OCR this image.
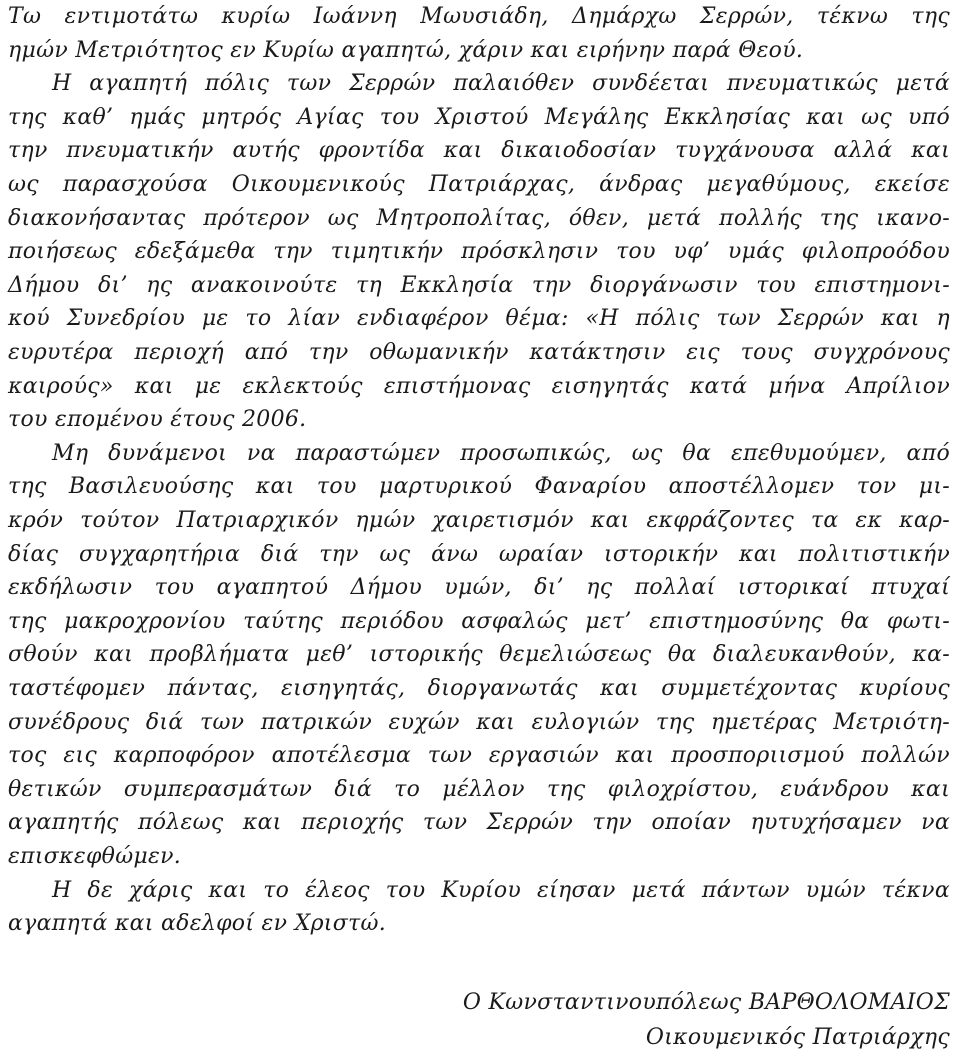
Τω εντιμοτάτω κυρίω Ιωάννη Μωυσιάδη, Δημάρχω Σερρών, τέκνω της
ημών Μετριότητος εν Κυρίω αγαπητώ, χάριν και ειρήνην παρά Θεού.
Η αγαπητή πόλις των Σερρών παλαιόθεν συνδέεται πνευματικώς μετά
της καθ’ ημάς μητρός Αγίας του Χριστού Μεγάλης Εκκλησίας και ως υπό
την πνευματικήν αυτής φροντίδα και δικαιοδοσίαν τυγχάνουσα αλλά και
ως παρασχούσα Οικουμενικούς Πατριάρχας, άνδρας μεγαθύμους, εκείσε
διακονήσαντας πρότερον ως Μητροπολίτας, όθεν, μετά πολλής της ικανο-
ποιήσεως εδεξάμεθα την τιμητικήν πρόσκλησιν του υφ’ υμάς φιλοπροόδου
Δήμου δι’ ης ανακοινούτε τη Εκκλησία την διοργάνωσιν του επιστημονι-
κού Συνεδρίου με το λίαν ενδιαφέρον θέμα: «Η πόλις των Σερρών και η
ευρυτέρα περιοχή από την οθωμανικήν κατάκτησιν εις τους συγχρόνους
καιρούς» και με εκλεκτούς επιστήμονας εισηγητάς κατά μήνα Απρίλιον
του επομένου έτους 2006.
Μη δυνάμενοι να παραστώμεν προσωπικώς, ως θα επεθυμούμεν, από
της Βασιλευούσης και του μαρτυρικού Φαναρίου αποστέλλομεν τον μι-
κρόν τούτον Πατριαρχικόν ημών χαιρετισμόν και εκφράζοντες τα εκ καρ-
δίας συγχαρητήρια διά την ως άνω ωραίαν ιστορικήν και πολιτιστικήν
εκδήλωσιν του αγαπητού Δήμου υμών, δι’ ης πολλαί ιστορικαί πτυχαί
της μακροχρονίου ταύτης περιόδου ασφαλώς μετ’ επιστημοσύνης θα φωτι-
σθούν και προβλήματα μεθ’ ιστορικής θεμελιώσεως θα διαλευκανθούν, κα-
ταστέφομεν πάντας, εισηγητάς, διοργανωτάς και συμμετέχοντας κυρίους
συνέδρους διά των πατρικών ευχών και ευλογιών της ημετέρας Μετριότη-
τος εις καρποφόρον αποτέλεσμα των εργασιών και προσποριισμού πολλών
θετικών συμπερασμάτων διά το μέλλον της φιλοχρίστου, ευάνδρου και
αγαπητής πόλεως και περιοχής των Σερρών την οποίαν ηυτυχήσαμεν να
επισκεφθώμεν.
Η δε χάρις και το έλεος του Κυρίου είησαν μετά πάντων υμών τέκνα
αγαπητά και αδελφοί εν Χριστώ.
Ο Κωνσταντινουπόλεως ΒΑΡΘΟΛΟΜΑΙΟΣ
Οικουμενικός Πατριάρχης
